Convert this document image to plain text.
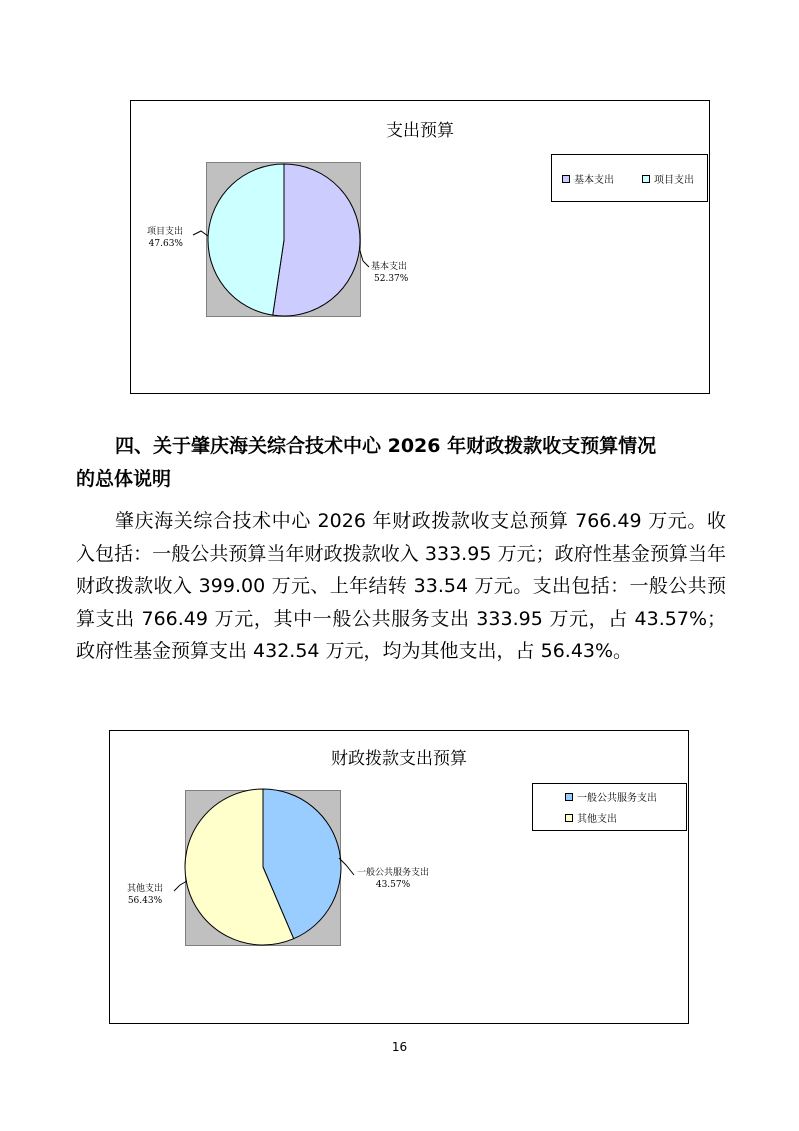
支出预算
基本支出
52.37%
项目支出
47.63%
基本支出	项目支出
四、关于肇庆海关综合技术中心 2026 年财政拨款收支预算情况
的总体说明

肇庆海关综合技术中心 2026 年财政拨款收支总预算 766.49 万元。收入包括：一般公共预算当年财政拨款收入 333.95 万元；政府性基金预算当年财政拨款收入 399.00 万元、上年结转 33.54 万元。支出包括：一般公共预算支出 766.49 万元，其中一般公共服务支出 333.95 万元，占 43.57%；政府性基金预算支出 432.54 万元，均为其他支出，占 56.43%。

财政拨款支出预算
一般公共服务支出
43.57%
其他支出
56.43%
一般公共服务支出
其他支出
16
